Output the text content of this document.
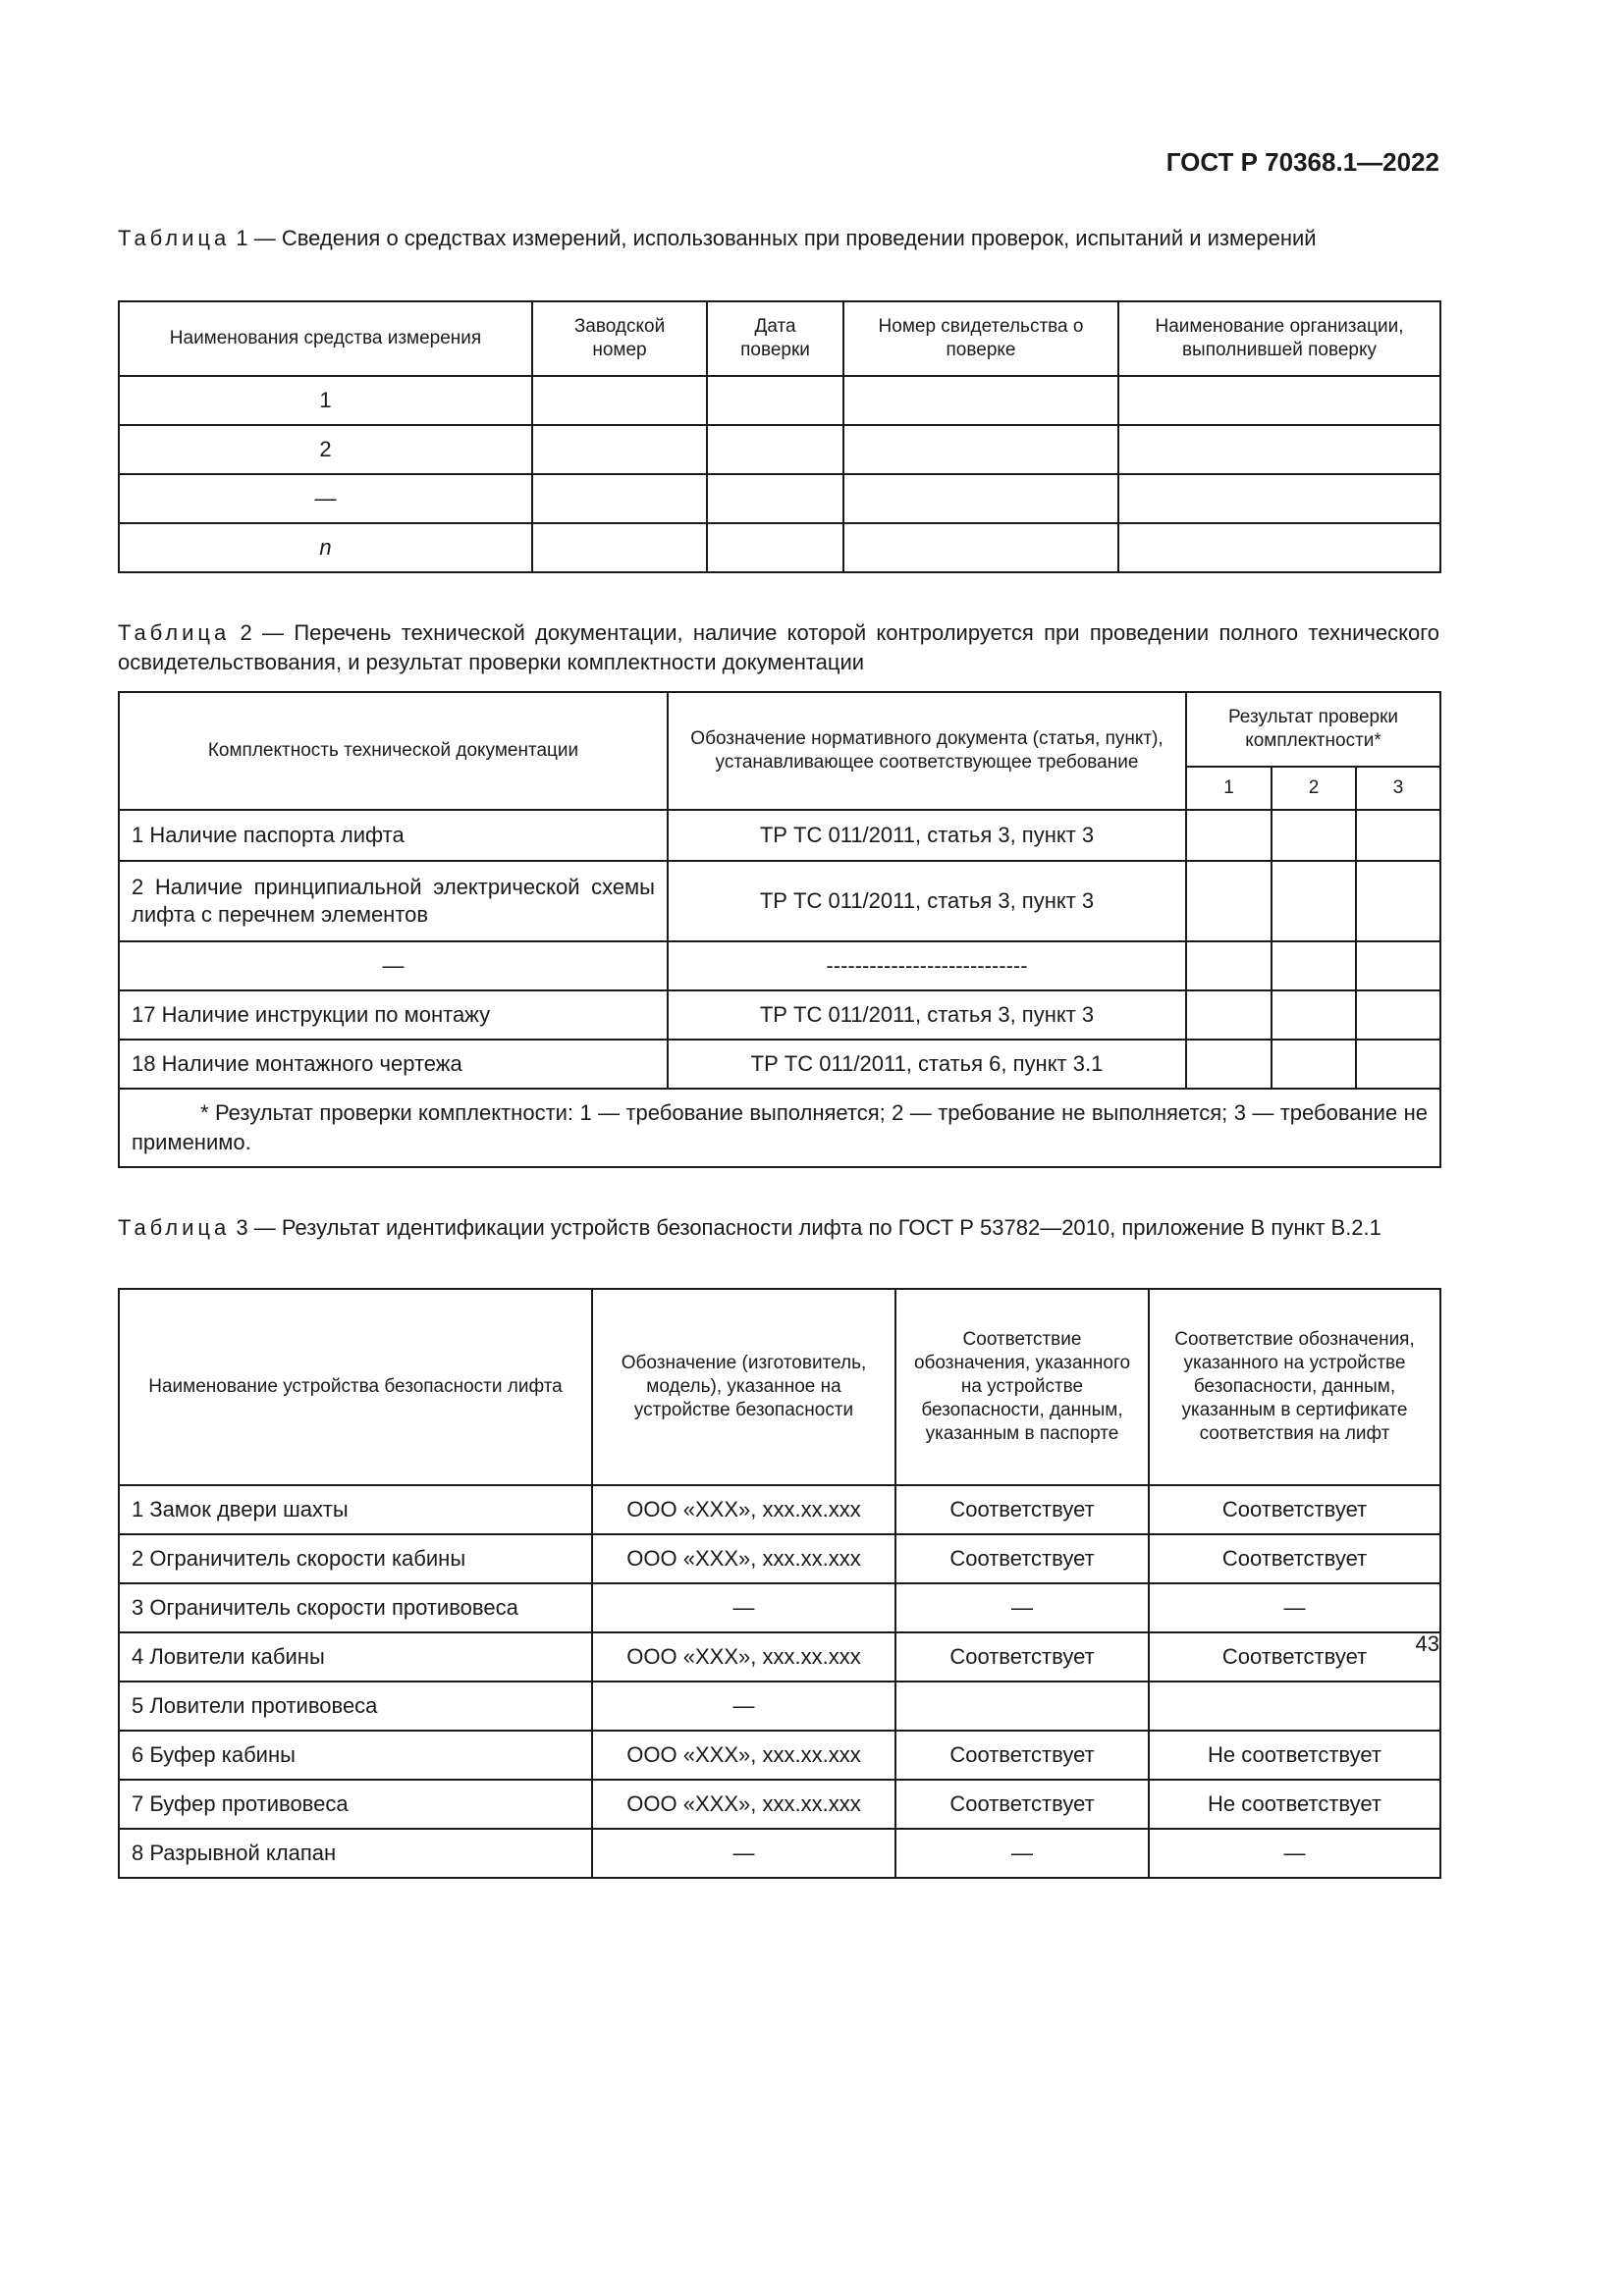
ГОСТ Р 70368.1—2022
Таблица 1 — Сведения о средствах измерений, использованных при проведении проверок, испытаний и измерений
Наименования средства измерения	Заводской номер	Дата поверки	Номер свидетельства о поверке	Наименование организации, выполнившей поверку
1				
2				
—				
n				
Таблица 2 — Перечень технической документации, наличие которой контролируется при проведении полного технического освидетельствования, и результат проверки комплектности документации
Комплектность технической документации	Обозначение нормативного документа (статья, пункт), устанавливающее соответствующее требование	Результат проверки комплектности*		
		1	2	3
1 Наличие паспорта лифта	ТР ТС 011/2011, статья 3, пункт 3			
2 Наличие принципиальной электрической схемы лифта с перечнем элементов	ТР ТС 011/2011, статья 3, пункт 3			
—	----------------------------			
17 Наличие инструкции по монтажу	ТР ТС 011/2011, статья 3, пункт 3			
18 Наличие монтажного чертежа	ТР ТС 011/2011, статья 6, пункт 3.1			
* Результат проверки комплектности: 1 — требование выполняется; 2 — требование не выполняется; 3 — требование не применимо.				
Таблица 3 — Результат идентификации устройств безопасности лифта по ГОСТ Р 53782—2010, приложение В пункт В.2.1
Наименование устройства безопасности лифта	Обозначение (изготовитель, модель), указанное на устройстве безопасности	Соответствие обозначения, указанного на устройстве безопасности, данным, указанным в паспорте	Соответствие обозначения, указанного на устройстве безопасности, данным, указанным в сертификате соответствия на лифт
1 Замок двери шахты	ООО «ХХХ», ххх.хх.ххх	Соответствует	Соответствует
2 Ограничитель скорости кабины	ООО «ХХХ», ххх.хх.ххх	Соответствует	Соответствует
3 Ограничитель скорости противовеса	—	—	—
4 Ловители кабины	ООО «ХХХ», ххх.хх.ххх	Соответствует	Соответствует
5 Ловители противовеса	—		
6 Буфер кабины	ООО «ХХХ», ххх.хх.ххх	Соответствует	Не соответствует
7 Буфер противовеса	ООО «ХХХ», ххх.хх.ххх	Соответствует	Не соответствует
8 Разрывной клапан	—	—	—
43
